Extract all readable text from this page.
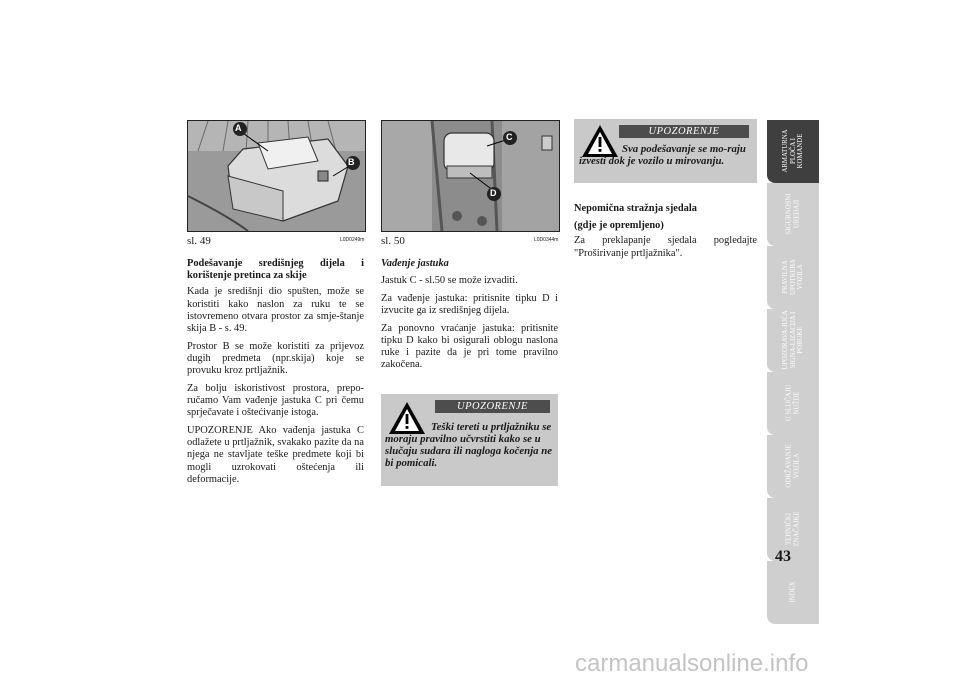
A
B
sl. 49	L0D0249m
C
D
sl. 50	L0D0344m

Podešavanje središnjeg dijela i korištenje pretinca za skije

Kada je središnji dio spušten, može se koristiti kako naslon za ruku te se istovremeno otvara prostor za smje-štanje skija B - s. 49.

Prostor B se može koristiti za prijevoz dugih predmeta (npr.skija) koje se provuku kroz prtljažnik.

Za bolju iskoristivost prostora, prepo-ručamo Vam vađenje jastuka C pri čemu sprječavate i oštećivanje istoga.

UPOZORENJE Ako vađenja jastuka C odlažete u prtljažnik, svakako pazite da na njega ne stavljate teške predmete koji bi mogli uzrokovati oštećenja ili deformacije.

Vađenje jastuka

Jastuk C - sl.50 se može izvaditi.

Za vađenje jastuka: pritisnite tipku D i izvucite ga iz središnjeg dijela.

Za ponovno vraćanje jastuka: pritisnite tipku D kako bi osigurali oblogu naslona ruke i pazite da je pri tome pravilno zakočena.

UPOZORENJE
Teški tereti u prtljažniku se moraju pravilno učvrstiti kako se u slučaju sudara ili nagloga kočenja ne bi pomicali.
UPOZORENJE
Sva podešavanje se mo-raju izvesti dok je vozilo u mirovanju.

Nepomična stražnja sjedala

(gdje je opremljeno)

Za preklapanje sjedala pogledajte "Proširivanje prtljažnika".

ARMATURNA PLOČA I KOMANDE
SIGURNOSNI UREĐAJI
PRAVILNA UPOTREBA VOZILA
UPOZORAVA-JUĆA SIGNA-LIZACIJA I PORUKE
U SLUČAJU NUŽDE
ODRŽAVANJE VOZILA
TEHNIČKI ZNAČAJKE
INDEX
43
carmanualsonline.info
